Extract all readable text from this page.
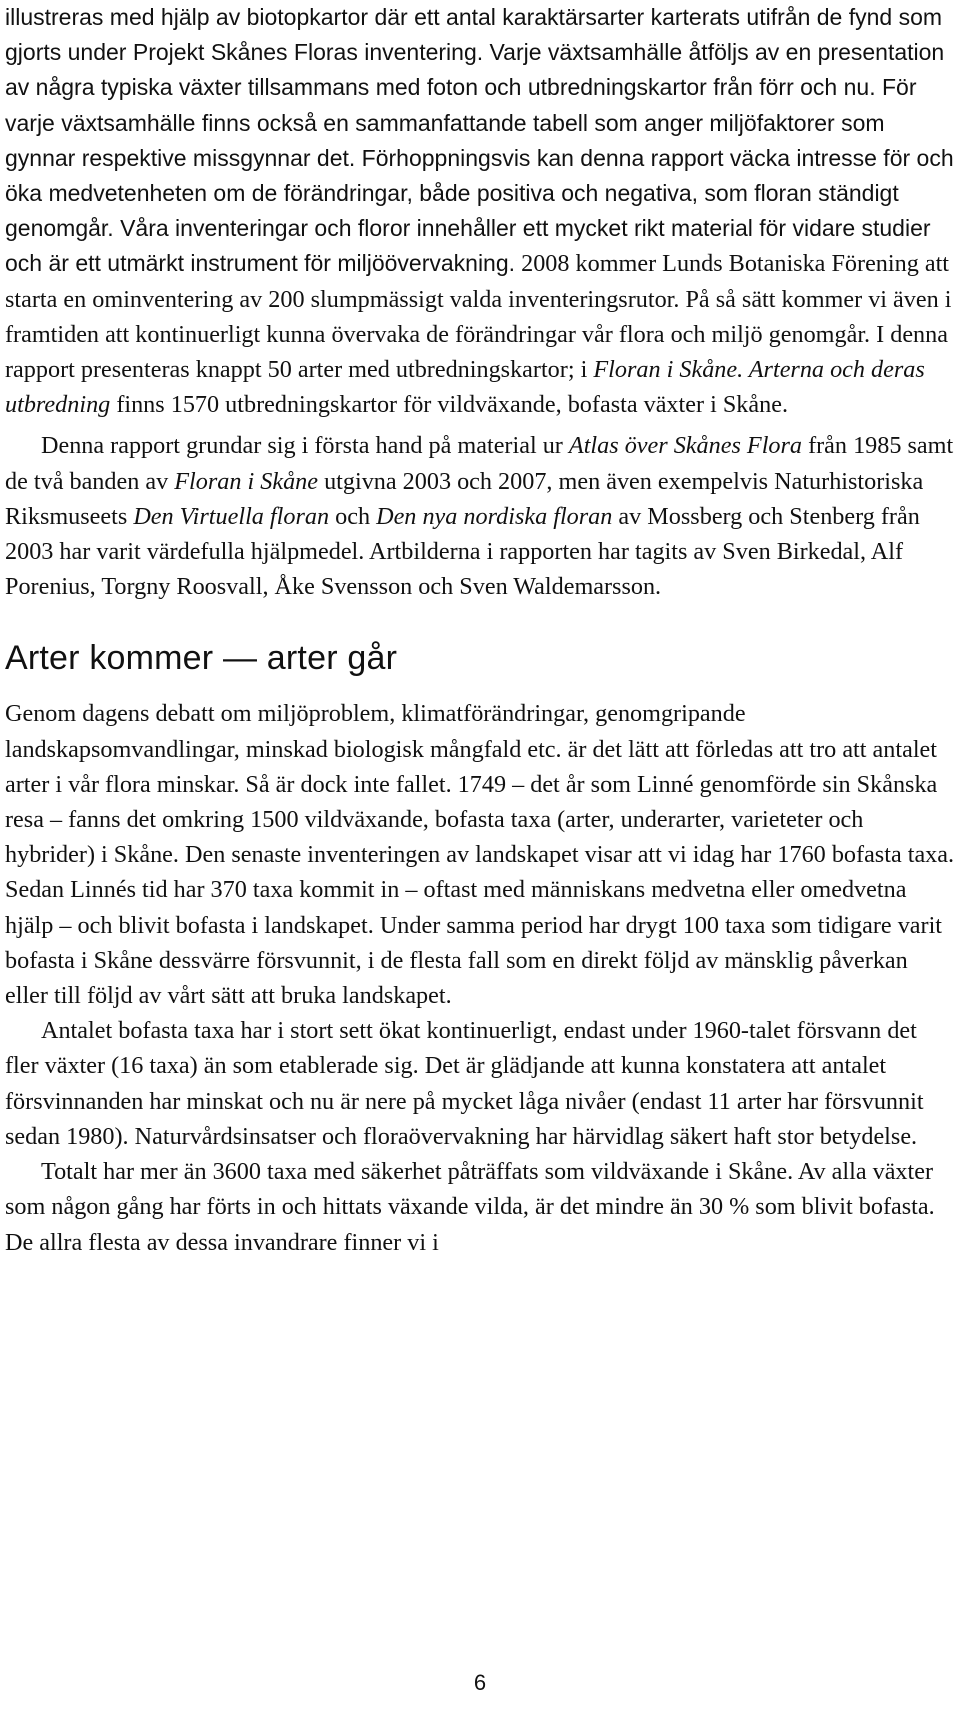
illustreras med hjälp av biotopkartor där ett antal karaktärsarter karterats utifrån de fynd som gjorts under Projekt Skånes Floras inventering. Varje växtsamhälle åtföljs av en presentation av några typiska växter tillsammans med foton och utbredningskartor från förr och nu. För varje växtsamhälle finns också en sammanfattande tabell som anger miljöfaktorer som gynnar respektive missgynnar det. Förhoppningsvis kan denna rapport väcka intresse för och öka medvetenheten om de förändringar, både positiva och negativa, som floran ständigt genomgår. Våra inventeringar och floror innehåller ett mycket rikt material för vidare studier och är ett utmärkt instrument för miljöövervakning. 2008 kommer Lunds Botaniska Förening att starta en ominventering av 200 slumpmässigt valda inventeringsrutor. På så sätt kommer vi även i framtiden att kontinuerligt kunna övervaka de förändringar vår flora och miljö genomgår. I denna rapport presenteras knappt 50 arter med utbredningskartor; i Floran i Skåne. Arterna och deras utbredning finns 1570 utbredningskartor för vildväxande, bofasta växter i Skåne.

Denna rapport grundar sig i första hand på material ur Atlas över Skånes Flora från 1985 samt de två banden av Floran i Skåne utgivna 2003 och 2007, men även exempelvis Naturhistoriska Riksmuseets Den Virtuella floran och Den nya nordiska floran av Mossberg och Stenberg från 2003 har varit värdefulla hjälpmedel. Artbilderna i rapporten har tagits av Sven Birkedal, Alf Porenius, Torgny Roosvall, Åke Svensson och Sven Waldemarsson.

Arter kommer — arter går

Genom dagens debatt om miljöproblem, klimatförändringar, genomgripande landskapsomvandlingar, minskad biologisk mångfald etc. är det lätt att förledas att tro att antalet arter i vår flora minskar. Så är dock inte fallet. 1749 – det år som Linné genomförde sin Skånska resa – fanns det omkring 1500 vildväxande, bofasta taxa (arter, underarter, varieteter och hybrider) i Skåne. Den senaste inventeringen av landskapet visar att vi idag har 1760 bofasta taxa. Sedan Linnés tid har 370 taxa kommit in – oftast med människans medvetna eller omedvetna hjälp – och blivit bofasta i landskapet. Under samma period har drygt 100 taxa som tidigare varit bofasta i Skåne dessvärre försvunnit, i de flesta fall som en direkt följd av mänsklig påverkan eller till följd av vårt sätt att bruka landskapet.

Antalet bofasta taxa har i stort sett ökat kontinuerligt, endast under 1960-talet försvann det fler växter (16 taxa) än som etablerade sig. Det är glädjande att kunna konstatera att antalet försvinnanden har minskat och nu är nere på mycket låga nivåer (endast 11 arter har försvunnit sedan 1980). Naturvårdsinsatser och floraövervakning har härvidlag säkert haft stor betydelse.

Totalt har mer än 3600 taxa med säkerhet påträffats som vildväxande i Skåne. Av alla växter som någon gång har förts in och hittats växande vilda, är det mindre än 30 % som blivit bofasta. De allra flesta av dessa invandrare finner vi i

6
